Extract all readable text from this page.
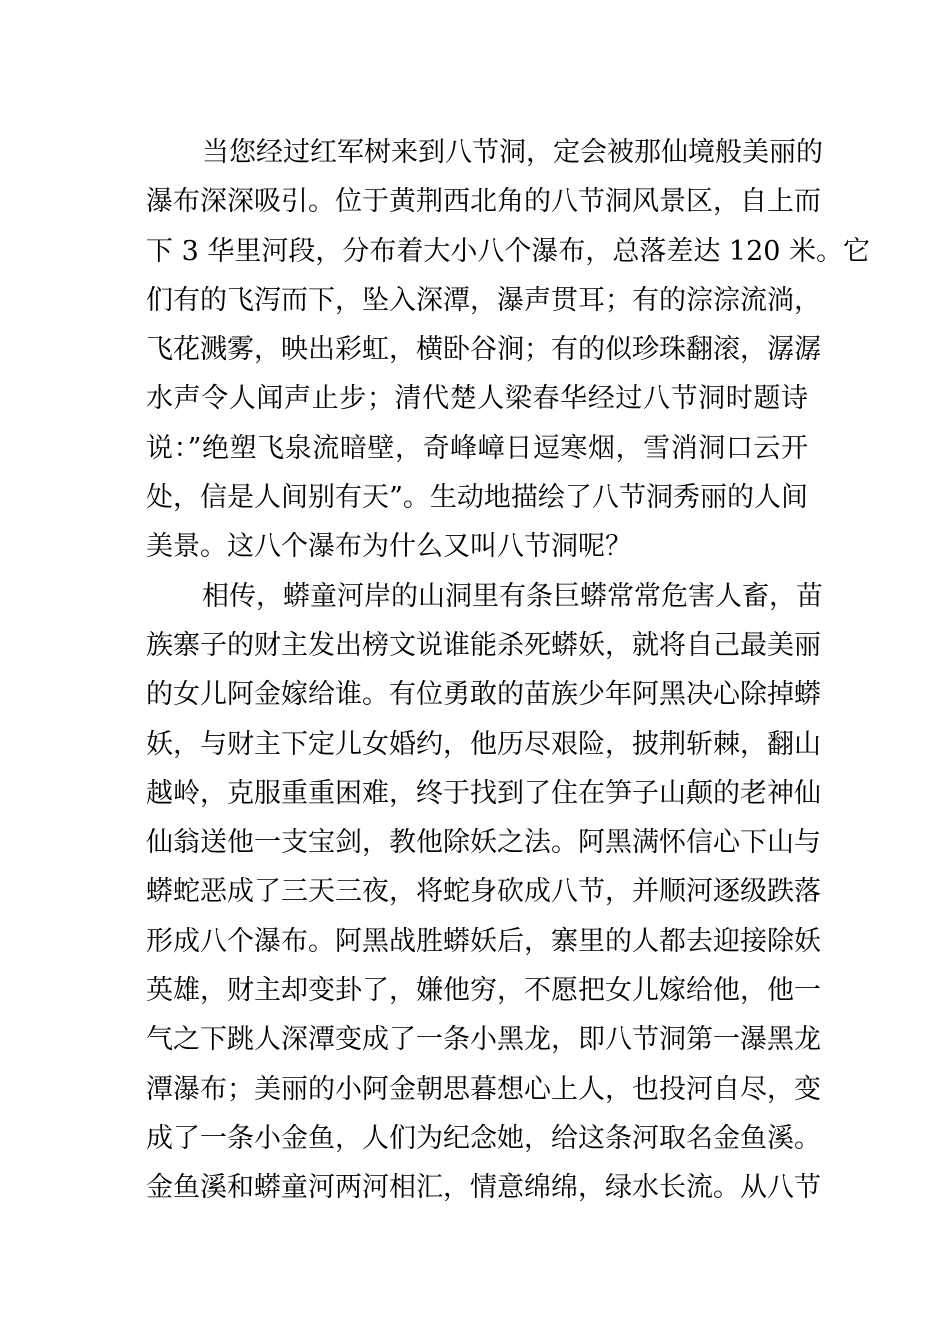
当您经过红军树来到八节洞，定会被那仙境般美丽的
瀑布深深吸引。位于黄荆西北角的八节洞风景区，自上而
下 3 华里河段，分布着大小八个瀑布，总落差达 120 米。它
们有的飞泻而下，坠入深潭，瀑声贯耳；有的淙淙流淌，
飞花溅雾，映出彩虹，横卧谷涧；有的似珍珠翻滚，潺潺
水声令人闻声止步；清代楚人梁春华经过八节洞时题诗
说：”绝塑飞泉流暗壁，奇峰嶂日逗寒烟，雪消洞口云开
处，信是人间别有天”。生动地描绘了八节洞秀丽的人间
美景。这八个瀑布为什么又叫八节洞呢？
相传，蟒童河岸的山洞里有条巨蟒常常危害人畜，苗
族寨子的财主发出榜文说谁能杀死蟒妖，就将自己最美丽
的女儿阿金嫁给谁。有位勇敢的苗族少年阿黑决心除掉蟒
妖，与财主下定儿女婚约，他历尽艰险，披荆斩棘，翻山
越岭，克服重重困难，终于找到了住在笋子山颠的老神仙
仙翁送他一支宝剑，教他除妖之法。阿黑满怀信心下山与
蟒蛇恶成了三天三夜，将蛇身砍成八节，并顺河逐级跌落
形成八个瀑布。阿黑战胜蟒妖后，寨里的人都去迎接除妖
英雄，财主却变卦了，嫌他穷，不愿把女儿嫁给他，他一
气之下跳人深潭变成了一条小黑龙，即八节洞第一瀑黑龙
潭瀑布；美丽的小阿金朝思暮想心上人，也投河自尽，变
成了一条小金鱼，人们为纪念她，给这条河取名金鱼溪。
金鱼溪和蟒童河两河相汇，情意绵绵，绿水长流。从八节
